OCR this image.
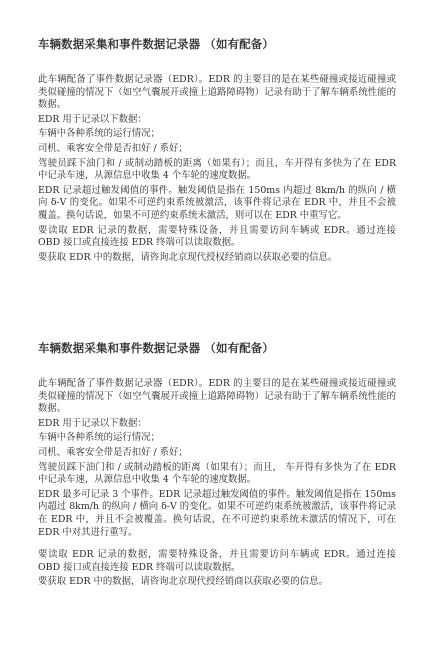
车辆数据采集和事件数据记录器 （如有配备）

此车辆配备了事件数据记录器（EDR）。EDR 的主要目的是在某些碰撞或接近碰撞或类似碰撞的情况下（如空气囊展开或撞上道路障碍物）记录有助于了解车辆系统性能的数据。

EDR 用于记录以下数据：

车辆中各种系统的运行情况；

司机、乘客安全带是否扣好 / 系好；

驾驶员踩下油门和 / 或制动踏板的距离（如果有）；而且，车开得有多快为了在 EDR 中记录车速，从源信息中收集 4 个车轮的速度数据。

EDR 记录超过触发阈值的事件。触发阈值是指在 150ms 内超过 8km/h 的纵向 / 横向 δ-V 的变化。如果不可逆约束系统被激活，该事件将记录在 EDR 中，并且不会被覆盖。换句话说，如果不可逆约束系统未激活，则可以在 EDR 中重写它。

要读取 EDR 记录的数据，需要特殊设备，并且需要访问车辆或 EDR。通过连接 OBD 接口或直接连接 EDR 终端可以读取数据。

要获取 EDR 中的数据，请咨询北京现代授权经销商以获取必要的信息。

车辆数据采集和事件数据记录器 （如有配备）

此车辆配备了事件数据记录器（EDR）。EDR 的主要目的是在某些碰撞或接近碰撞或类似碰撞的情况下（如空气囊展开或撞上道路障碍物）记录有助于了解车辆系统性能的数据。

EDR 用于记录以下数据：

车辆中各种系统的运行情况；

司机、乘客安全带是否扣好 / 系好；

驾驶员踩下油门和 / 或制动踏板的距离（如果有）；而且， 车开得有多快为了在 EDR 中记录车速，从源信息中收集 4 个车轮的速度数据。

EDR 最多可记录 3 个事件。EDR 记录超过触发阈值的事件。触发阈值是指在 150ms 内超过 8km/h 的纵向 / 横向 δ-V 的变化。如果不可逆约束系统被激活，该事件将记录在 EDR 中，并且不会被覆盖。换句话说，在不可逆约束系统未激活的情况下，可在 EDR 中对其进行重写。

要读取 EDR 记录的数据，需要特殊设备，并且需要访问车辆或 EDR。通过连接 OBD 接口或直接连接 EDR 终端可以读取数据。

要获取 EDR 中的数据，请咨询北京现代授经销商以获取必要的信息。
